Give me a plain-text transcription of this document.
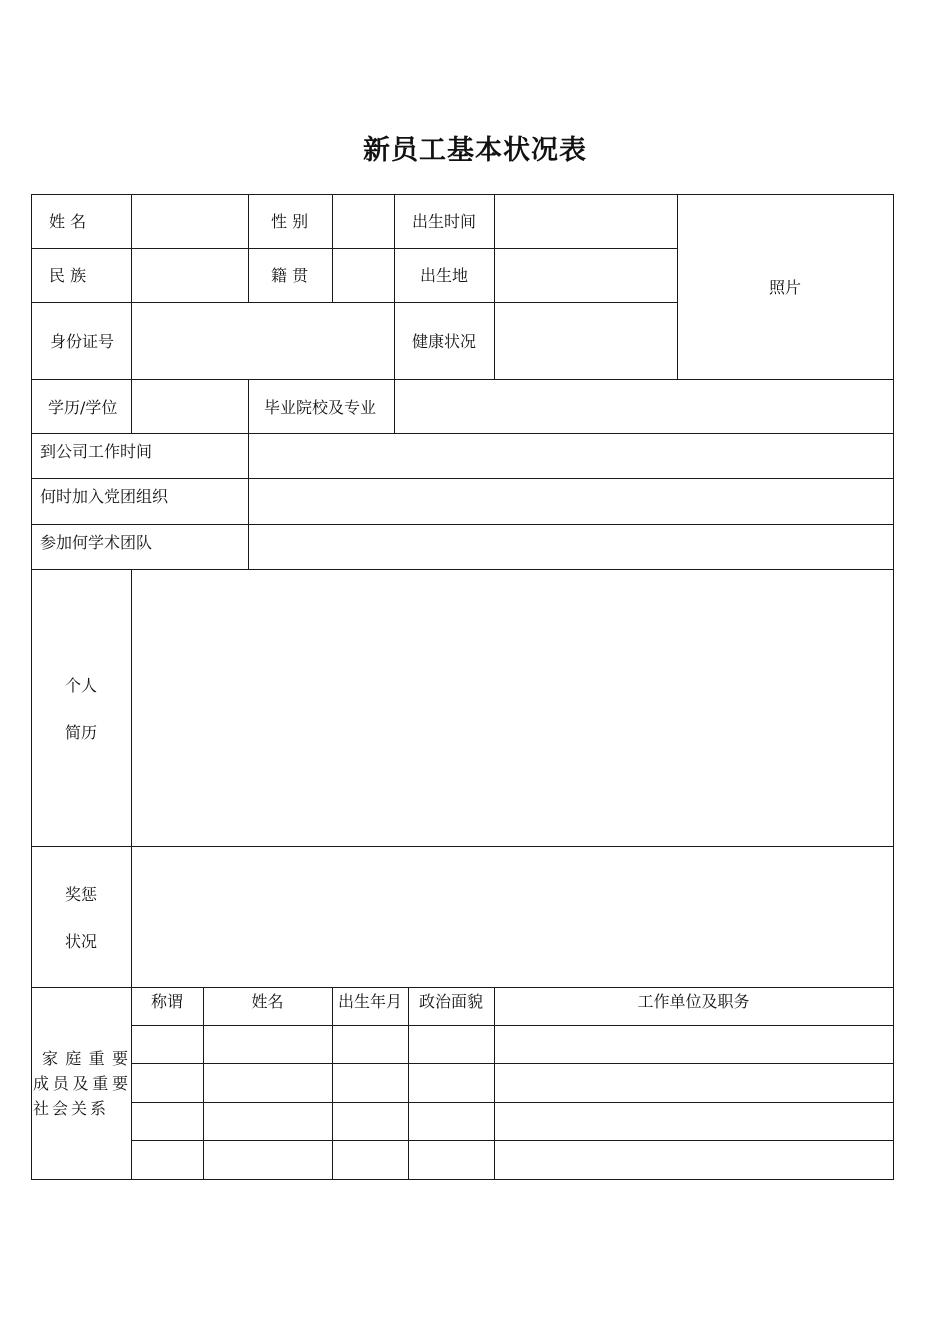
新员工基本状况表
姓 名	性 别	出生时间
民 族	籍 贯	出生地
照片
身份证号	健康状况
学历/学位	毕业院校及专业
到公司工作时间
何时加入党团组织
参加何学术团队
个人
简历
奖惩
状况
家庭重要成员及重要社会关系
称谓	姓名	出生年月	政治面貌	工作单位及职务
